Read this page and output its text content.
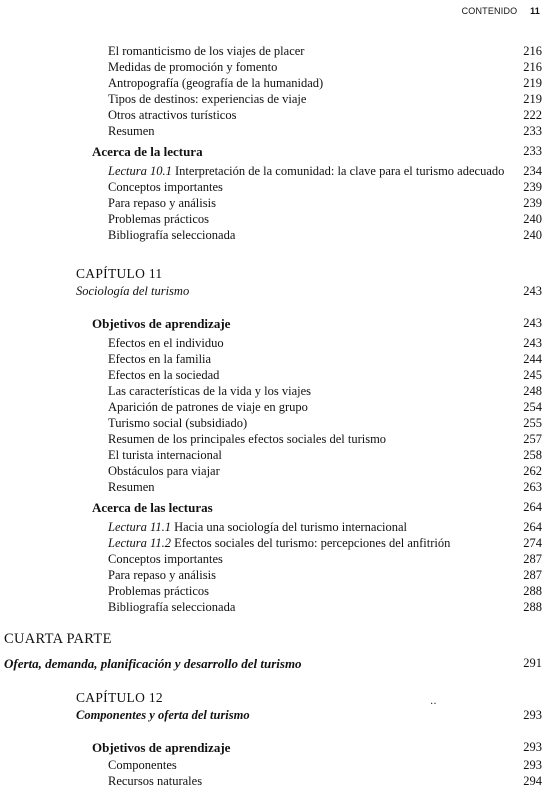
CONTENIDO 11
El romanticismo de los viajes de placer	216
Medidas de promoción y fomento	216
Antropografía (geografía de la humanidad)	219
Tipos de destinos: experiencias de viaje	219
Otros atractivos turísticos	222
Resumen	233
Acerca de la lectura	233
Lectura 10.1 Interpretación de la comunidad: la clave para el turismo adecuado 234
Conceptos importantes	239
Para repaso y análisis	239
Problemas prácticos	240
Bibliografía seleccionada	240
CAPÍTULO 11
Sociología del turismo	243
Objetivos de aprendizaje	243
Efectos en el individuo	243
Efectos en la familia	244
Efectos en la sociedad	245
Las características de la vida y los viajes	248
Aparición de patrones de viaje en grupo	254
Turismo social (subsidiado)	255
Resumen de los principales efectos sociales del turismo	257
El turista internacional	258
Obstáculos para viajar	262
Resumen	263
Acerca de las lecturas	264
Lectura 11.1 Hacia una sociología del turismo internacional	264
Lectura 11.2 Efectos sociales del turismo: percepciones del anfitrión	274
Conceptos importantes	287
Para repaso y análisis	287
Problemas prácticos	288
Bibliografía seleccionada	288
CUARTA PARTE
Oferta, demanda, planificación y desarrollo del turismo	291
CAPÍTULO 12
Componentes y oferta del turismo	293
Objetivos de aprendizaje	293
Componentes	293
Recursos naturales	294
‥
